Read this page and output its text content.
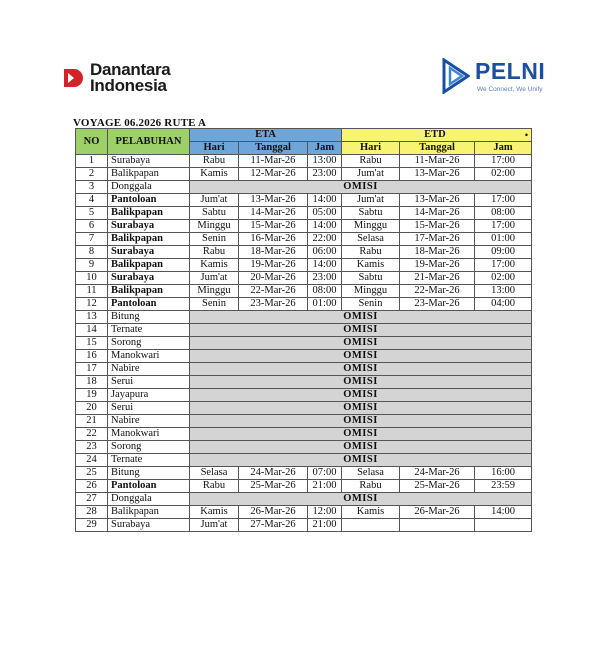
Danantara
Indonesia
PELNI
We Connect, We Unify
VOYAGE 06.2026 RUTE A
NO	PELABUHAN	ETA			ETD •		

		Hari	Tanggal	Jam	Hari	Tanggal	Jam
1	Surabaya	Rabu	11-Mar-26	13:00	Rabu	11-Mar-26	17:00
2	Balikpapan	Kamis	12-Mar-26	23:00	Jum'at	13-Mar-26	02:00
3	Donggala	OMISI					
4	Pantoloan	Jum'at	13-Mar-26	14:00	Jum'at	13-Mar-26	17:00
5	Balikpapan	Sabtu	14-Mar-26	05:00	Sabtu	14-Mar-26	08:00
6	Surabaya	Minggu	15-Mar-26	14:00	Minggu	15-Mar-26	17:00
7	Balikpapan	Senin	16-Mar-26	22:00	Selasa	17-Mar-26	01:00
8	Surabaya	Rabu	18-Mar-26	06:00	Rabu	18-Mar-26	09:00
9	Balikpapan	Kamis	19-Mar-26	14:00	Kamis	19-Mar-26	17:00
10	Surabaya	Jum'at	20-Mar-26	23:00	Sabtu	21-Mar-26	02:00
11	Balikpapan	Minggu	22-Mar-26	08:00	Minggu	22-Mar-26	13:00
12	Pantoloan	Senin	23-Mar-26	01:00	Senin	23-Mar-26	04:00
13	Bitung	OMISI					
14	Ternate	OMISI					
15	Sorong	OMISI					
16	Manokwari	OMISI					
17	Nabire	OMISI					
18	Serui	OMISI					
19	Jayapura	OMISI					
20	Serui	OMISI					
21	Nabire	OMISI					
22	Manokwari	OMISI					
23	Sorong	OMISI					
24	Ternate	OMISI					
25	Bitung	Selasa	24-Mar-26	07:00	Selasa	24-Mar-26	16:00
26	Pantoloan	Rabu	25-Mar-26	21:00	Rabu	25-Mar-26	23:59
27	Donggala	OMISI					
28	Balikpapan	Kamis	26-Mar-26	12:00	Kamis	26-Mar-26	14:00
29	Surabaya	Jum'at	27-Mar-26	21:00			
